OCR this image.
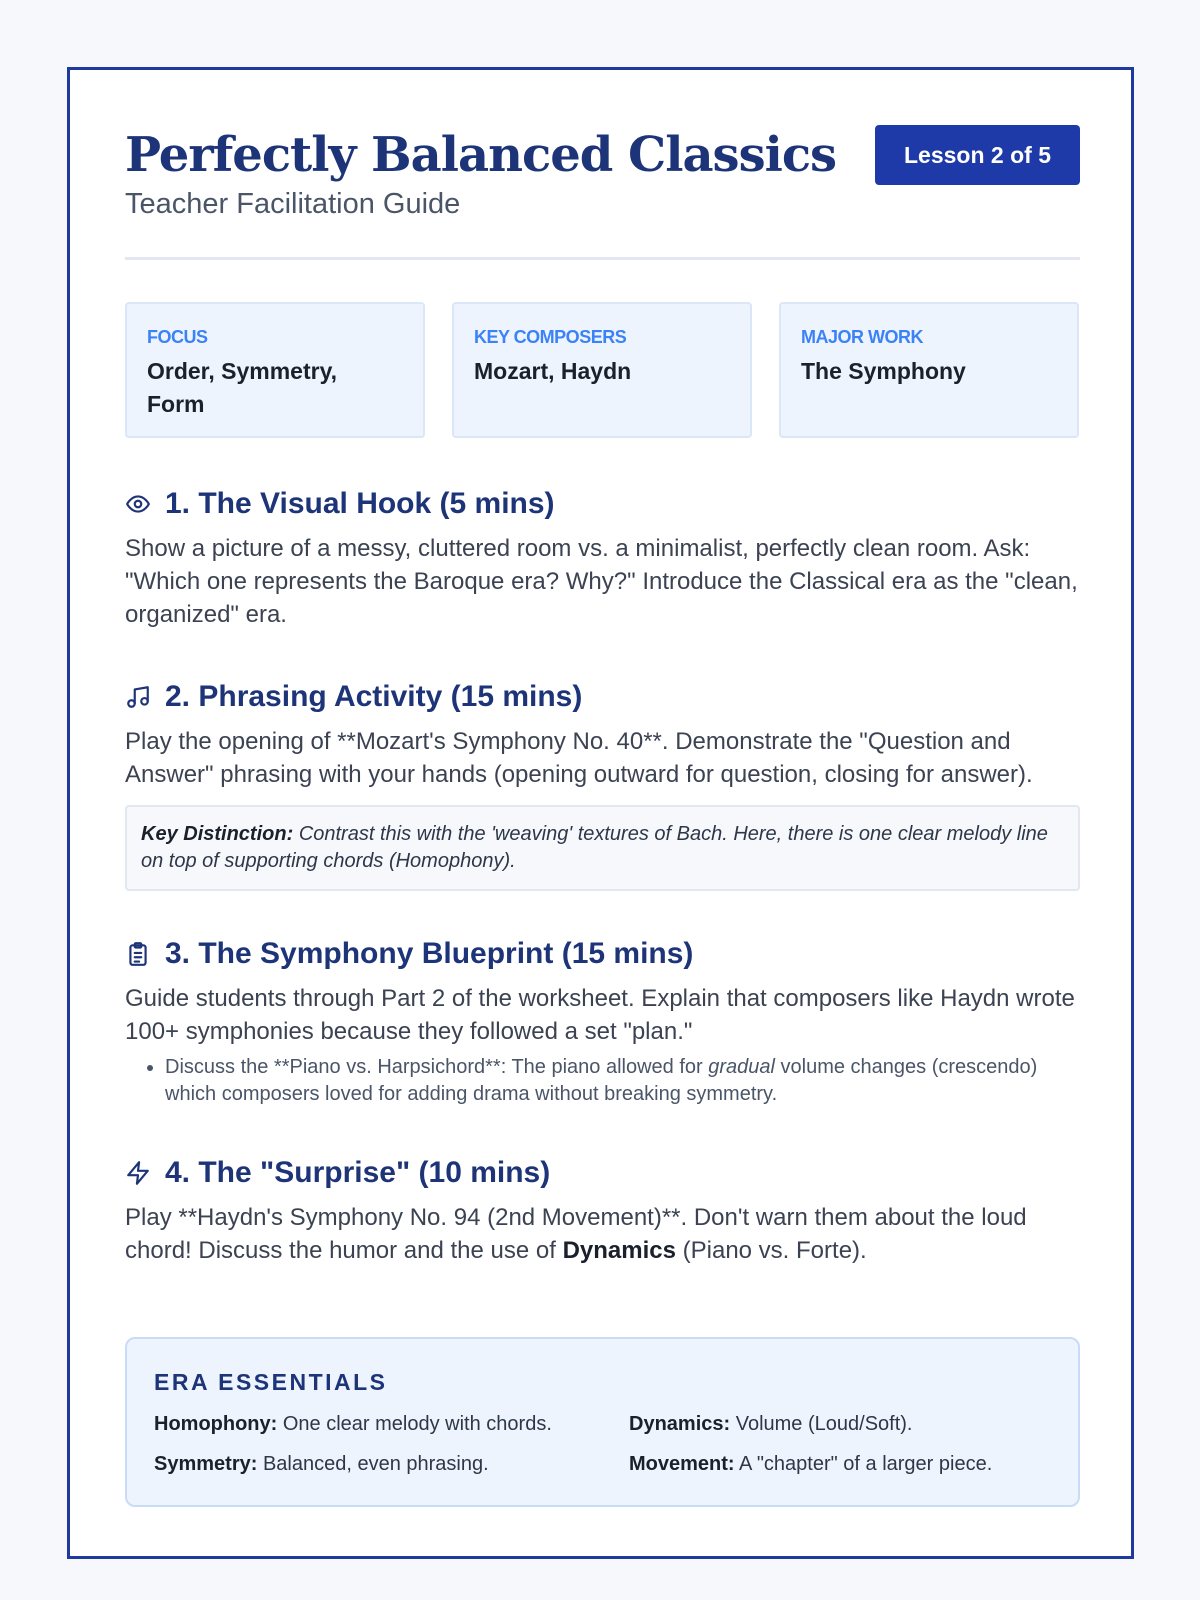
Perfectly Balanced Classics
Teacher Facilitation Guide
Lesson 2 of 5
FOCUS
Order, Symmetry, Form
KEY COMPOSERS
Mozart, Haydn
MAJOR WORK
The Symphony
1. The Visual Hook (5 mins)

Show a picture of a messy, cluttered room vs. a minimalist, perfectly clean room. Ask: "Which one represents the Baroque era? Why?" Introduce the Classical era as the "clean, organized" era.

2. Phrasing Activity (15 mins)

Play the opening of **Mozart's Symphony No. 40**. Demonstrate the "Question and Answer" phrasing with your hands (opening outward for question, closing for answer).

Key Distinction: Contrast this with the 'weaving' textures of Bach. Here, there is one clear melody line on top of supporting chords (Homophony).
3. The Symphony Blueprint (15 mins)

Guide students through Part 2 of the worksheet. Explain that composers like Haydn wrote 100+ symphonies because they followed a set "plan."

• Discuss the **Piano vs. Harpsichord**: The piano allowed for gradual volume changes (crescendo) which composers loved for adding drama without breaking symmetry.
4. The "Surprise" (10 mins)

Play **Haydn's Symphony No. 94 (2nd Movement)**. Don't warn them about the loud chord! Discuss the humor and the use of Dynamics (Piano vs. Forte).

ERA ESSENTIALS
Homophony: One clear melody with chords.	Dynamics: Volume (Loud/Soft).
Symmetry: Balanced, even phrasing.	Movement: A "chapter" of a larger piece.
